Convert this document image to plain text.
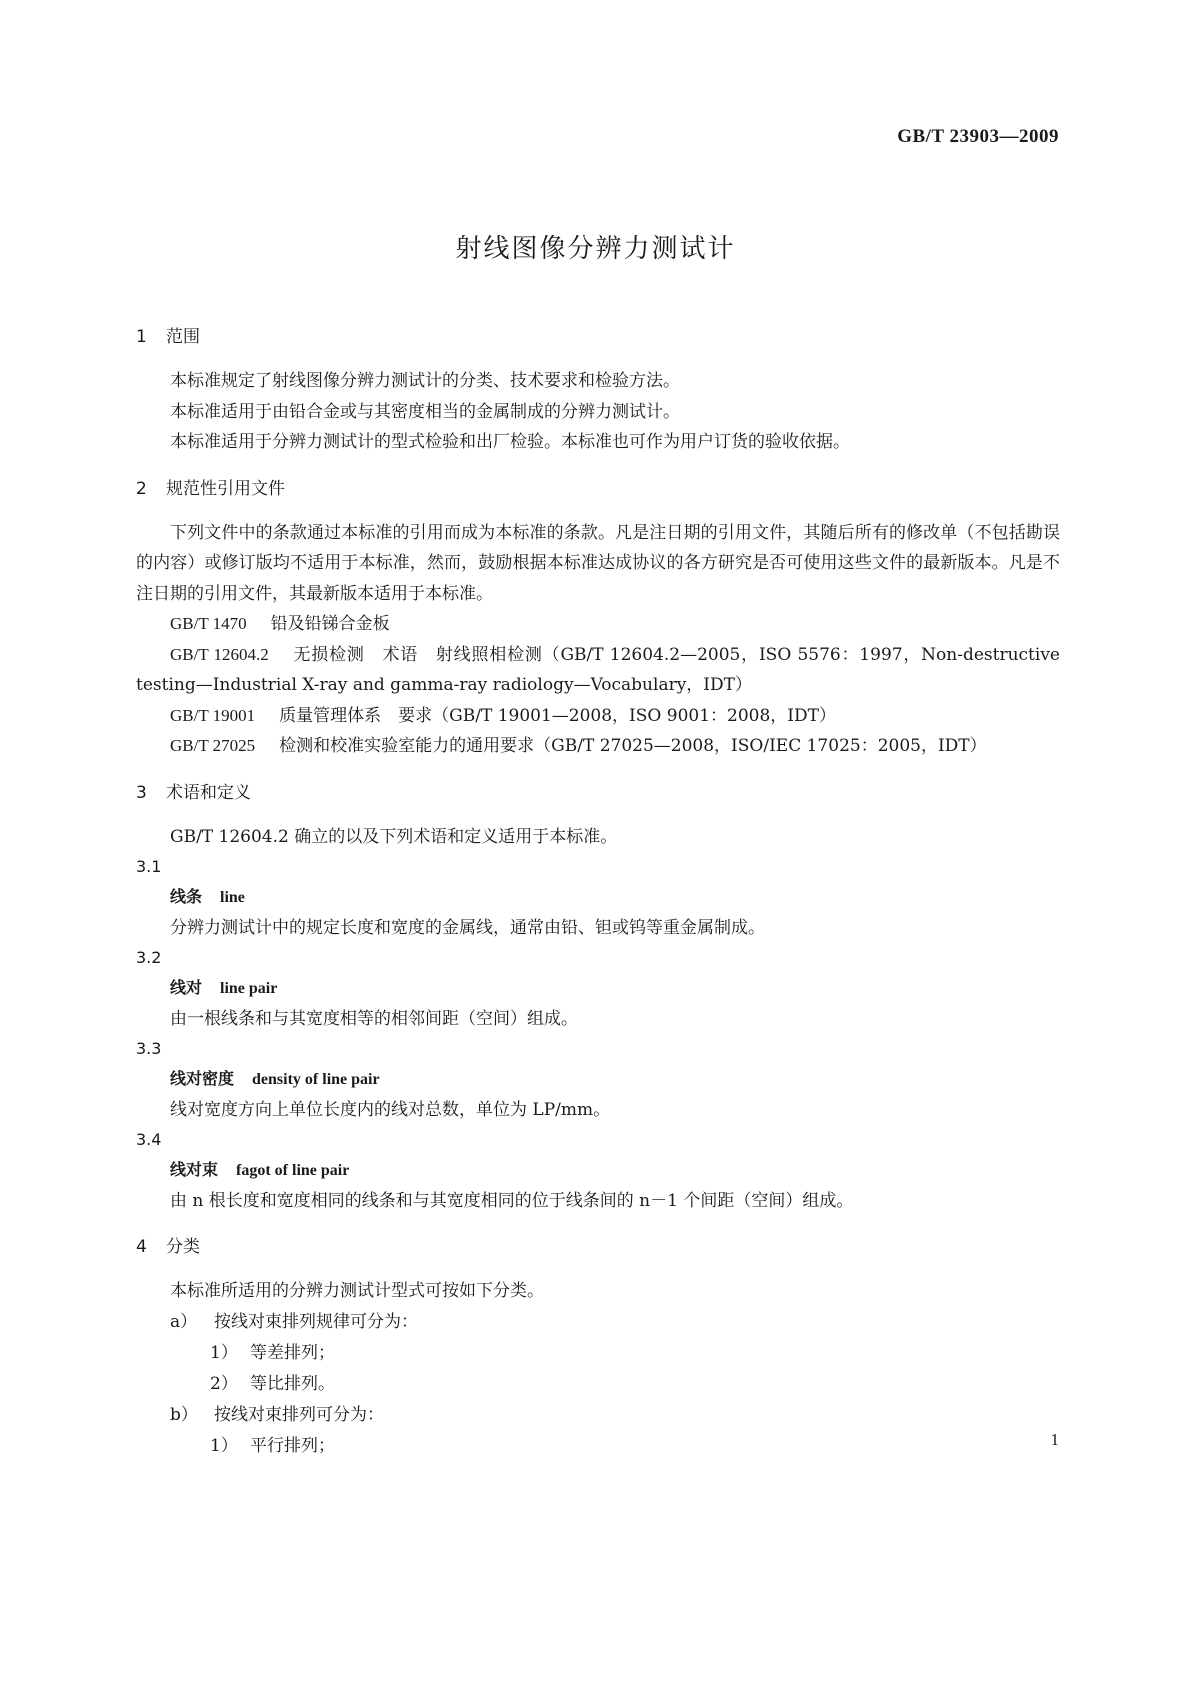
GB/T 23903—2009
射线图像分辨力测试计
1 范围

本标准规定了射线图像分辨力测试计的分类、技术要求和检验方法。

本标准适用于由铅合金或与其密度相当的金属制成的分辨力测试计。

本标准适用于分辨力测试计的型式检验和出厂检验。本标准也可作为用户订货的验收依据。

2 规范性引用文件

下列文件中的条款通过本标准的引用而成为本标准的条款。凡是注日期的引用文件，其随后所有的修改单（不包括勘误的内容）或修订版均不适用于本标准，然而，鼓励根据本标准达成协议的各方研究是否可使用这些文件的最新版本。凡是不注日期的引用文件，其最新版本适用于本标准。

GB/T 1470 铅及铅锑合金板

GB/T 12604.2 无损检测　术语　射线照相检测（GB/T 12604.2—2005，ISO 5576：1997，Non-destructive testing—Industrial X-ray and gamma-ray radiology—Vocabulary，IDT）

GB/T 19001 质量管理体系　要求（GB/T 19001—2008，ISO 9001：2008，IDT）

GB/T 27025 检测和校准实验室能力的通用要求（GB/T 27025—2008，ISO/IEC 17025：2005，IDT）

3 术语和定义

GB/T 12604.2 确立的以及下列术语和定义适用于本标准。

3.1
线条 line

分辨力测试计中的规定长度和宽度的金属线，通常由铅、钽或钨等重金属制成。

3.2
线对 line pair

由一根线条和与其宽度相等的相邻间距（空间）组成。

3.3
线对密度 density of line pair

线对宽度方向上单位长度内的线对总数，单位为 LP/mm。

3.4
线对束 fagot of line pair

由 n 根长度和宽度相同的线条和与其宽度相同的位于线条间的 n－1 个间距（空间）组成。

4 分类

本标准所适用的分辨力测试计型式可按如下分类。

a） 按线对束排列规律可分为：
1） 等差排列；
2） 等比排列。
b） 按线对束排列可分为：
1） 平行排列；	1
